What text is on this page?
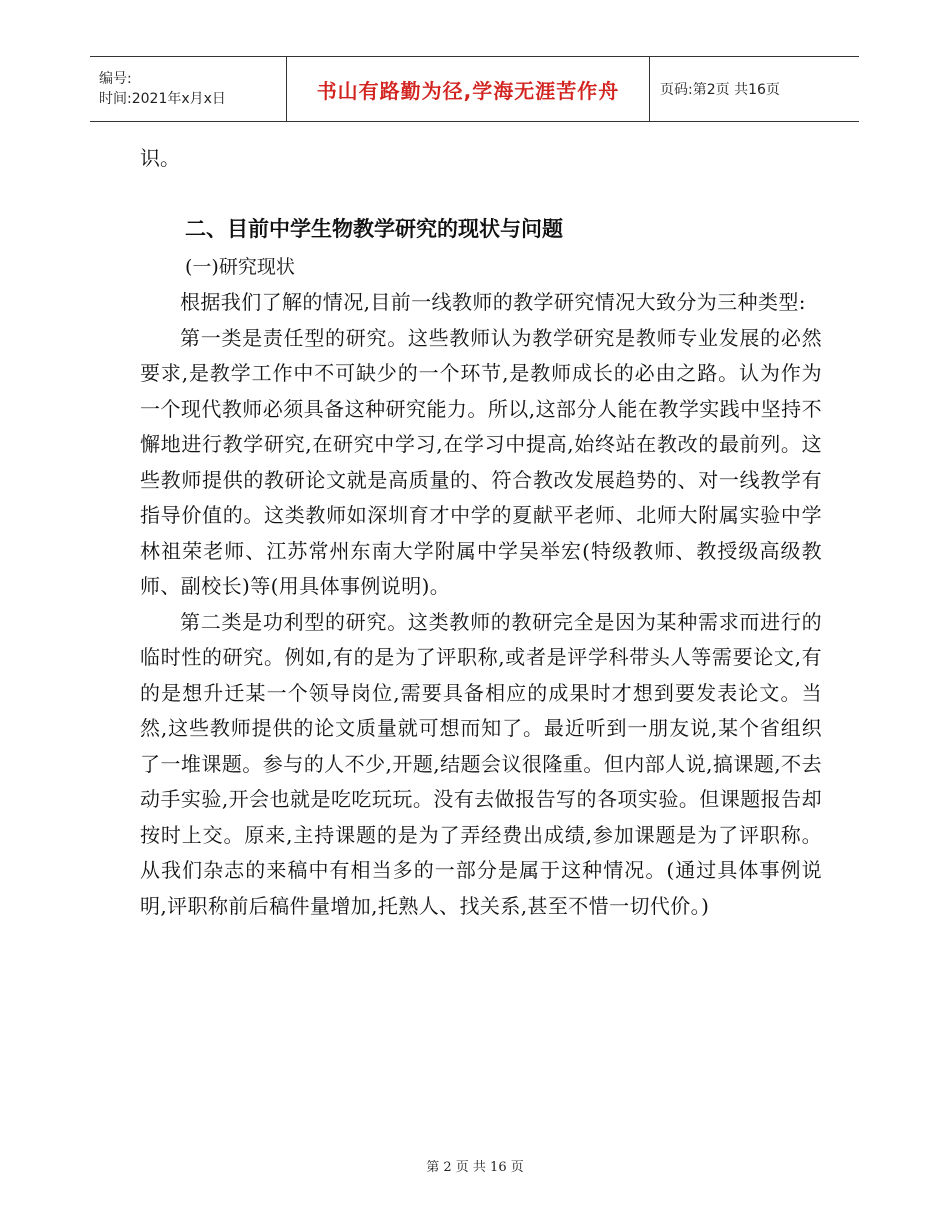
编号:
时间:2021年x月x日	书山有路勤为径,学海无涯苦作舟	页码:第2页 共16页

识。

二、目前中学生物教学研究的现状与问题

(一)研究现状

根据我们了解的情况,目前一线教师的教学研究情况大致分为三种类型:

第一类是责任型的研究。这些教师认为教学研究是教师专业发展的必然要求,是教学工作中不可缺少的一个环节,是教师成长的必由之路。认为作为一个现代教师必须具备这种研究能力。所以,这部分人能在教学实践中坚持不懈地进行教学研究,在研究中学习,在学习中提高,始终站在教改的最前列。这些教师提供的教研论文就是高质量的、符合教改发展趋势的、对一线教学有指导价值的。这类教师如深圳育才中学的夏献平老师、北师大附属实验中学林祖荣老师、江苏常州东南大学附属中学吴举宏(特级教师、教授级高级教师、副校长)等(用具体事例说明)。

第二类是功利型的研究。这类教师的教研完全是因为某种需求而进行的临时性的研究。例如,有的是为了评职称,或者是评学科带头人等需要论文,有的是想升迁某一个领导岗位,需要具备相应的成果时才想到要发表论文。当然,这些教师提供的论文质量就可想而知了。最近听到一朋友说,某个省组织了一堆课题。参与的人不少,开题,结题会议很隆重。但内部人说,搞课题,不去动手实验,开会也就是吃吃玩玩。没有去做报告写的各项实验。但课题报告却按时上交。原来,主持课题的是为了弄经费出成绩,参加课题是为了评职称。从我们杂志的来稿中有相当多的一部分是属于这种情况。(通过具体事例说明,评职称前后稿件量增加,托熟人、找关系,甚至不惜一切代价。)

第 2 页 共 16 页
